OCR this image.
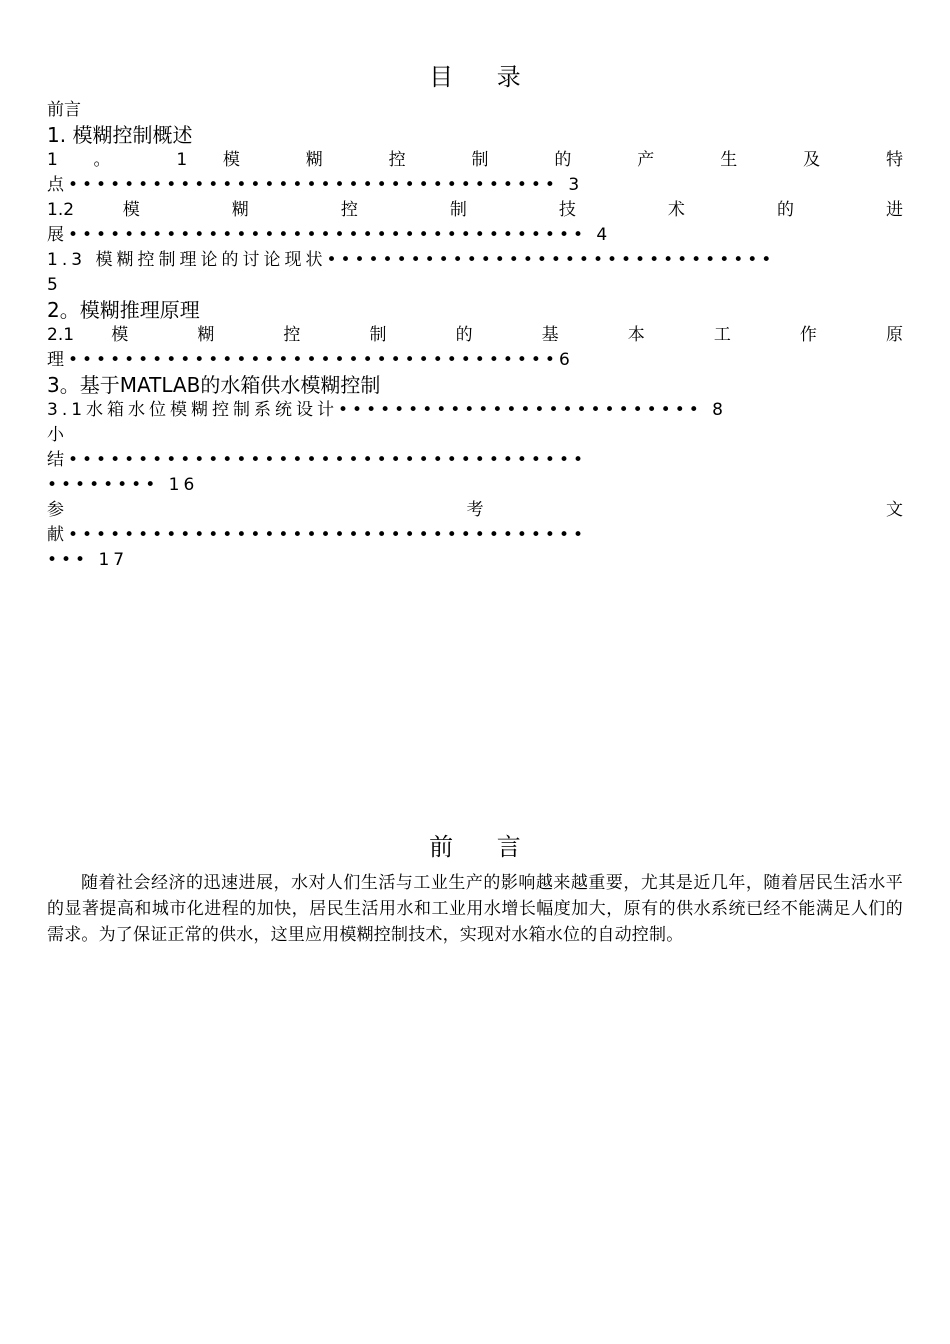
目 录
前言
1. 模糊控制概述
1 。 1 模 糊 控 制 的 产 生 及 特
点••••••••••••••••••••••••••••••••••• 3
1.2 模 糊 控 制 技 术 的 进
展••••••••••••••••••••••••••••••••••••• 4
1.3 模糊控制理论的讨论现状••••••••••••••••••••••••••••••••
5
2。模糊推理原理
2.1 模 糊 控 制 的 基 本 工 作 原
理•••••••••••••••••••••••••••••••••••6
3。基于MATLAB的水箱供水模糊控制
3.1水箱水位模糊控制系统设计•••••••••••••••••••••••••• 8
小
结•••••••••••••••••••••••••••••••••••••
•••••••• 16
参 考 文
献•••••••••••••••••••••••••••••••••••••
••• 17
前 言

随着社会经济的迅速进展，水对人们生活与工业生产的影响越来越重要，尤其是近几年，随着居民生活水平的显著提高和城市化进程的加快，居民生活用水和工业用水增长幅度加大，原有的供水系统已经不能满足人们的需求。为了保证正常的供水，这里应用模糊控制技术，实现对水箱水位的自动控制。
